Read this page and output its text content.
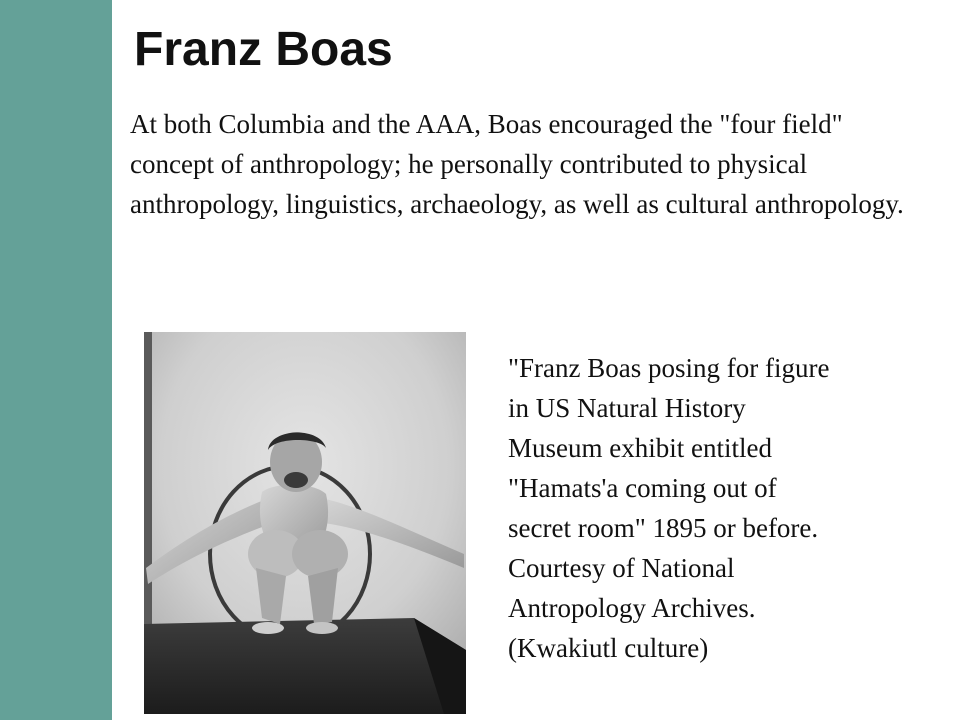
Franz Boas

At both Columbia and the AAA, Boas encouraged the "four field" concept of anthropology; he personally contributed to physical anthropology, linguistics, archaeology, as well as cultural anthropology.

"Franz Boas posing for figure in US Natural History Museum exhibit entitled "Hamats'a coming out of secret room" 1895 or before. Courtesy of National Antropology Archives. (Kwakiutl culture)
